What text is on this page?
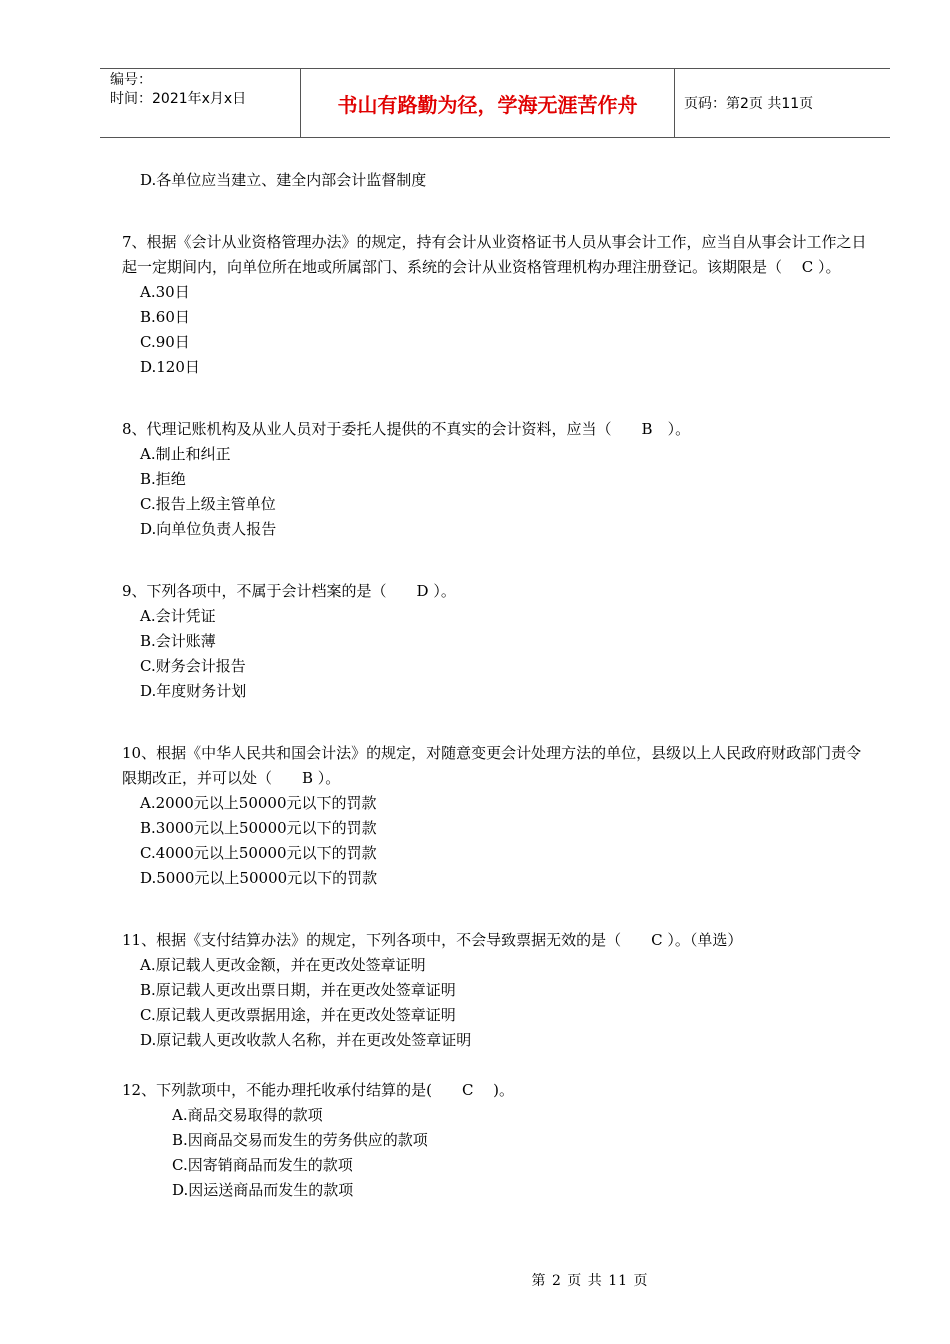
编号：
时间：2021年x月x日	书山有路勤为径，学海无涯苦作舟	页码：第2页 共11页
D.各单位应当建立、建全内部会计监督制度
7、根据《会计从业资格管理办法》的规定，持有会计从业资格证书人员从事会计工作，应当自从事会计工作之日起一定期间内，向单位所在地或所属部门、系统的会计从业资格管理机构办理注册登记。该期限是（　 C ）。
A.30日
B.60日
C.90日
D.120日
8、代理记账机构及从业人员对于委托人提供的不真实的会计资料，应当（　　B　）。
A.制止和纠正
B.拒绝
C.报告上级主管单位
D.向单位负责人报告
9、下列各项中，不属于会计档案的是（　　D ）。
A.会计凭证
B.会计账薄
C.财务会计报告
D.年度财务计划
10、根据《中华人民共和国会计法》的规定，对随意变更会计处理方法的单位，县级以上人民政府财政部门责令限期改正，并可以处（　　B ）。
A.2000元以上50000元以下的罚款
B.3000元以上50000元以下的罚款
C.4000元以上50000元以下的罚款
D.5000元以上50000元以下的罚款
11、根据《支付结算办法》的规定，下列各项中，不会导致票据无效的是（　　C ）。（单选）
A.原记载人更改金额，并在更改处签章证明
B.原记载人更改出票日期，并在更改处签章证明
C.原记载人更改票据用途，并在更改处签章证明
D.原记载人更改收款人名称，并在更改处签章证明
12、下列款项中，不能办理托收承付结算的是(　　C　 )。
A.商品交易取得的款项
B.因商品交易而发生的劳务供应的款项
C.因寄销商品而发生的款项
D.因运送商品而发生的款项
第 2 页 共 11 页
